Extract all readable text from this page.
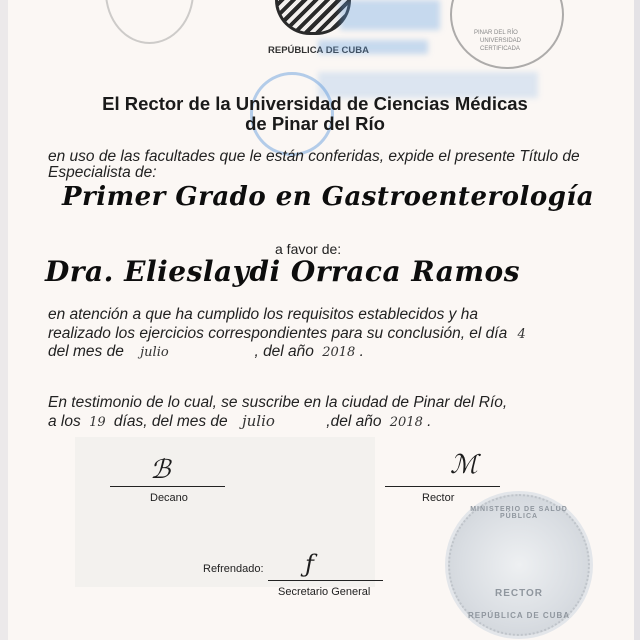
REPÚBLICA DE CUBA
PINAR DEL RÍO
UNIVERSIDAD
CERTIFICADA
El Rector de la Universidad de Ciencias Médicas
de Pinar del Río
en uso de las facultades que le están conferidas, expide el presente Título de
Especialista de:
Primer Grado en Gastroenterología
a favor de:
Dra. Elieslaydi Orraca Ramos
en atención a que ha cumplido los requisitos establecidos y ha
realizado los ejercicios correspondientes para su conclusión, el día 4
del mes de julio	, del año 2018 .
En testimonio de lo cual, se suscribe en la ciudad de Pinar del Río,
a los 19 días, del mes de julio	,del año 2018 .
ℬ
Decano
ℳ
Rector
Refrendado: ƒ
Secretario General
MINISTERIO DE SALUD PÚBLICA
RECTOR
REPÚBLICA DE CUBA
